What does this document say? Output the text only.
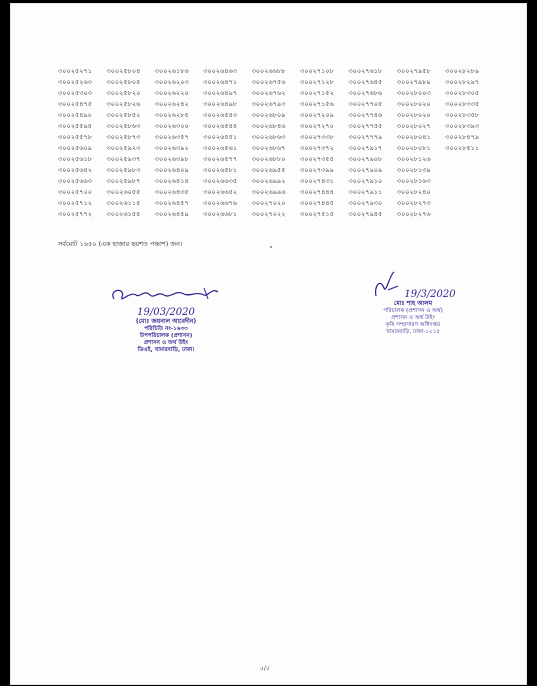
৩০০২৫২৭১	৩০০২৫৮০৪	৩০০২৬১৮৬	৩০০২৬৪৬৩	৩০০২৬৬৮৮	৩০০২৭১০৮	৩০০২৭৬১৮	৩০০২৭৯৫৮	৩০০২৮২৮৯
৩০০২৫২৬৩	৩০০২৫৮০৫	৩০০২৬২০৩	৩০০২৬৪৭১	৩০০২৬৭৫৬	৩০০২৭১২৮	৩০০২৭৬৪৫	৩০০২৭৯৮৯	৩০০২৮২৯৭
৩০০২৫৩০৩	৩০০২৫৮২০	৩০০২৬২২০	৩০০২৬৪৯৭	৩০০২৬৭৬২	৩০০২৭১৫২	৩০০২৭৬৮৬	৩০০২৮০০৩	৩০০২৮৩০৫
৩০০২৫৪৭৫	৩০০২৫৮২৬	৩০০২৬২৪২	৩০০২৬৪৯৮	৩০০২৬৭৯৩	৩০০২৭১৫৬	৩০০২৭৭০৫	৩০০২৮০২০	৩০০২৮৩৩৫
৩০০২৫৪৯০	৩০০২৫৮৫২	৩০০২৬২৮৫	৩০০২৬৫৪৩	৩০০২৬৮০৯	৩০০২৭২০৯	৩০০২৭৭৪৬	৩০০২৮০২০	৩০০২৮৩৫৮
৩০০২৫৫৯৫	৩০০২৫৮৬৩	৩০০২৬৩০০	৩০০২৬৫৪৪	৩০০২৬৮৪৬	৩০০২৭২৭০	৩০০২৭৭৫৫	৩০০২৮০২৭	৩০০২৮৩৯৩
৩০০২৫৫৭৮	৩০০২৫৮৭৩	৩০০২৬৩৫৭	৩০০২৬৫৫১	৩০০২৬৮৬৩	৩০০২৭৩৩৮	৩০০২৭৭৭৯	৩০০২৮০৪১	৩০০২৮৪৭৯
৩০০২৫৬০৯	৩০০২৫৯২৩	৩০০২৬৩৯২	৩০০২৬৫৬১	৩০০২৬৮৬৭	৩০০২৭৩৭২	৩০০২৭৯১৭	৩০০২৮০৮১	৩০০২৮৫১১
৩০০২৫৬১৮	৩০০২৫৯৩৭	৩০০২৬৩৯৮	৩০০২৬৫৭৭	৩০০২৬৮৮০	৩০০২৭৩৫৫	৩০০২৭৯০৮	৩০০২৮১২৬
৩০০২৫৬৪২	৩০০২৫৯৮৩	৩০০২৬৪০৯	৩০০২৬৫৮১	৩০০২৬৯৫৫	৩০০২৭৩৯৯	৩০০২৭৯০৯	৩০০২৮১৩৯
৩০০২৫৬৬৩	৩০০২৫৯৮৭	৩০০২৬৪১৪	৩০০২৬৬৩৫	৩০০২৬৯৯২	৩০০২৭৪৩১	৩০০২৭৯১০	৩০০২৮১৬৩
৩০০২৫৭০০	৩০০২৬০৫৫	৩০০২৬৪৩৫	৩০০২৬৬৫২	৩০০২৬৯৯৬	৩০০২৭৪৪৪	৩০০২৭৯১১	৩০০২৮২৪০
৩০০২৫৭১২	৩০০২৬১১৫	৩০০২৬৪৫৭	৩০০২৬৬৭৬	৩০০২৭০২০	৩০০২৭৪৪৫	৩০০২৭৯৩০	৩০০২৮২৭৩
৩০০২৫৭৭২	৩০০২৬১৫৫	৩০০২৬৪৫৯	৩০০২৬৬৮১	৩০০২৭০২২	৩০০২৭৫১৫	৩০০২৭৯৪৫	৩০০২৮২৭৬
সর্বমোট ১৬৫০ (এক হাজার ছয়শত পঞ্চাশ) জন।
19/03/2020
(মোঃ জয়নাল আবেদীন)
পরিচিতি নং-১৬৩৩
উপপরিচালক (প্রশাসন)
প্রশাসন ও অর্থ উইং
ডিএই, খামারবাড়ি, ঢাকা।
19/3/2020
মোঃ শাহ আলম
পরিচালক (প্রশাসন ও অর্থ)
প্রশাসন ও অর্থ উইং
কৃষি সম্প্রসারণ অধিদপ্তর
খামারবাড়ি, ঢাকা-১২১৫
৫/৫
